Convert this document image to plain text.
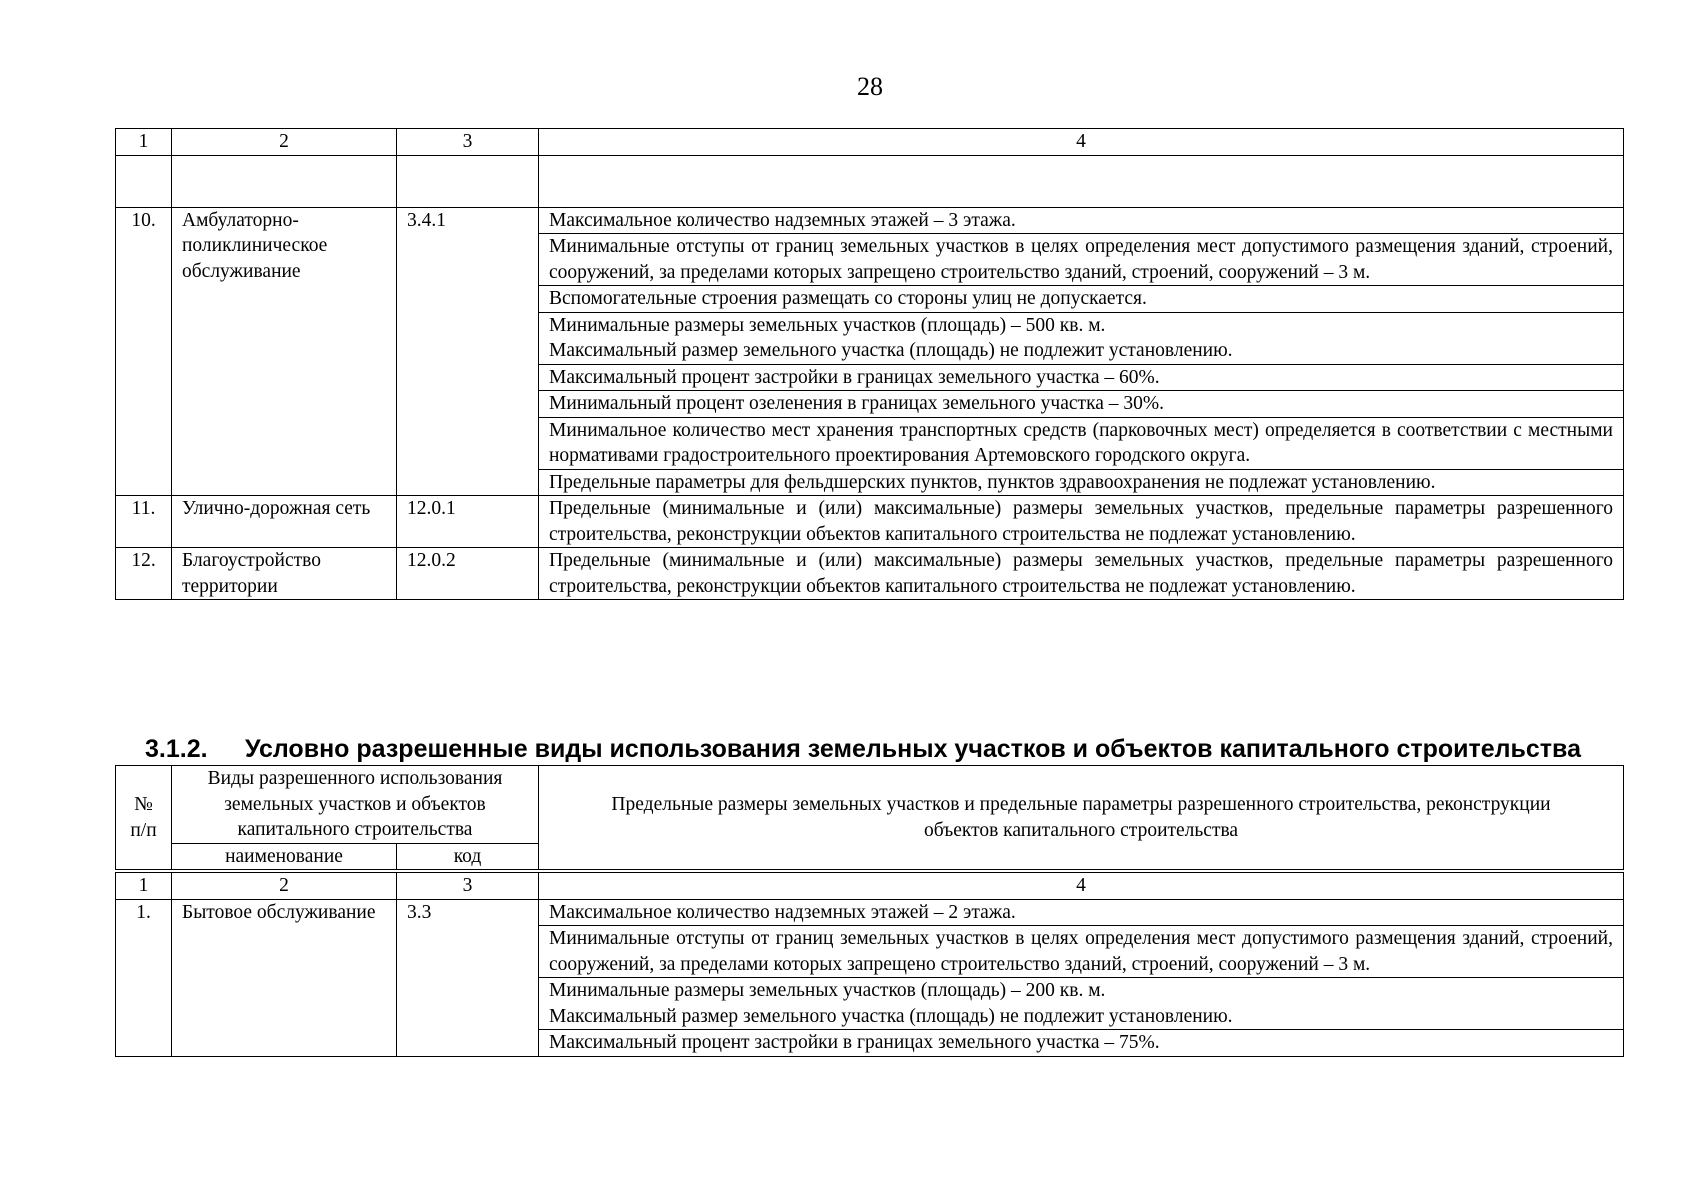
28
1	2	3	4

10.	Амбулаторно-поликлиническое обслуживание	3.4.1	Максимальное количество надземных этажей – 3 этажа.
			Минимальные отступы от границ земельных участков в целях определения мест допустимого размещения зданий, строений, сооружений, за пределами которых запрещено строительство зданий, строений, сооружений – 3 м.
			Вспомогательные строения размещать со стороны улиц не допускается.

			Минимальные размеры земельных участков (площадь) – 500 кв. м.
Максимальный размер земельного участка (площадь) не подлежит установлению.

			Максимальный процент застройки в границах земельного участка – 60%.
			Минимальный процент озеленения в границах земельного участка – 30%.
			Минимальное количество мест хранения транспортных средств (парковочных мест) определяется в соответствии с местными нормативами градостроительного проектирования Артемовского городского округа.
			Предельные параметры для фельдшерских пунктов, пунктов здравоохранения не подлежат установлению.
11.	Улично-дорожная сеть	12.0.1	Предельные (минимальные и (или) максимальные) размеры земельных участков, предельные параметры разрешенного строительства, реконструкции объектов капитального строительства не подлежат установлению.
12.	Благоустройство территории	12.0.2	Предельные (минимальные и (или) максимальные) размеры земельных участков, предельные параметры разрешенного строительства, реконструкции объектов капитального строительства не подлежат установлению.
3.1.2. Условно разрешенные виды использования земельных участков и объектов капитального строительства
№ п/п	Виды разрешенного использования земельных участков и объектов капитального строительства		Предельные размеры земельных участков и предельные параметры разрешенного строительства, реконструкции объектов капитального строительства
	наименование	код	
1	2	3	4
1.	Бытовое обслуживание	3.3	Максимальное количество надземных этажей – 2 этажа.
			Минимальные отступы от границ земельных участков в целях определения мест допустимого размещения зданий, строений, сооружений, за пределами которых запрещено строительство зданий, строений, сооружений – 3 м.

			Минимальные размеры земельных участков (площадь) – 200 кв. м.
Максимальный размер земельного участка (площадь) не подлежит установлению.

			Максимальный процент застройки в границах земельного участка – 75%.
